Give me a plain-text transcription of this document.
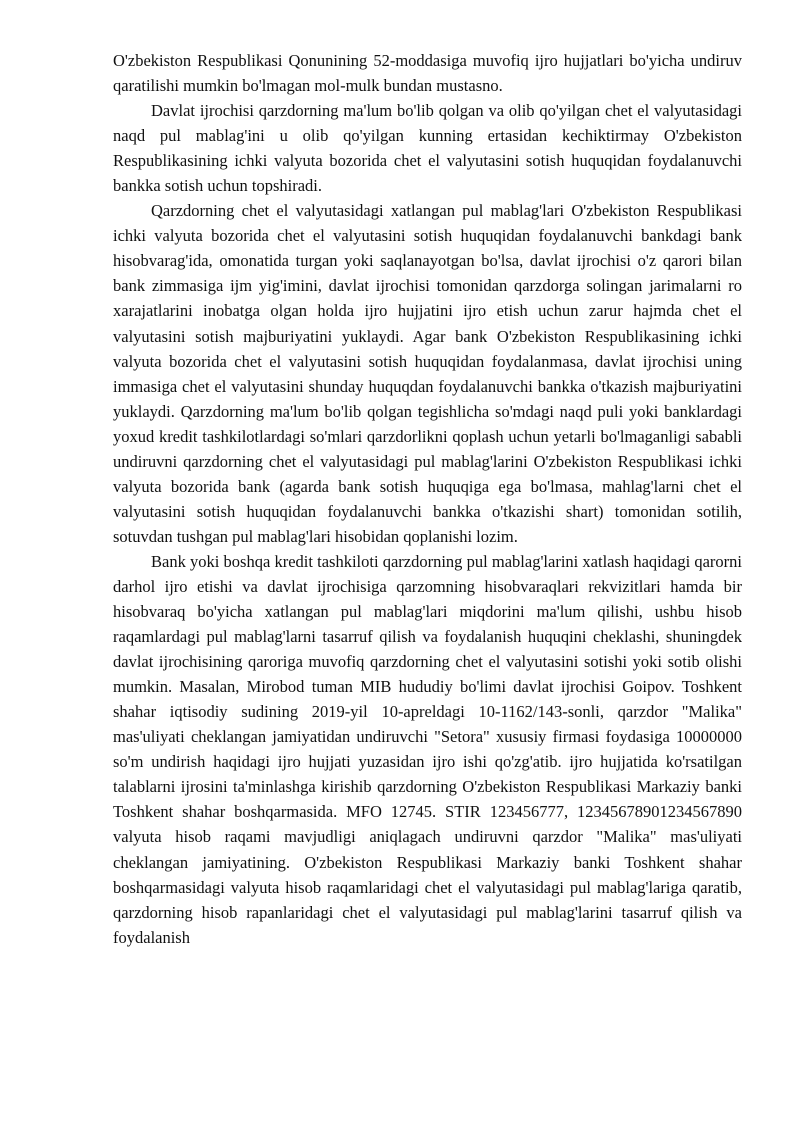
O'zbekiston Respublikasi Qonunining 52-moddasiga muvofiq ijro hujjatlari bo'yicha undiruv qaratilishi mumkin bo'lmagan mol-mulk bundan mustasno.

Davlat ijrochisi qarzdorning ma'lum bo'lib qolgan va olib qo'yilgan chet el valyutasidagi naqd pul mablag'ini u olib qo'yilgan kunning ertasidan kechiktirmay O'zbekiston Respublikasining ichki valyuta bozorida chet el valyutasini sotish huquqidan foydalanuvchi bankka sotish uchun topshiradi.

Qarzdorning chet el valyutasidagi xatlangan pul mablag'lari O'zbekiston Respublikasi ichki valyuta bozorida chet el valyutasini sotish huquqidan foydalanuvchi bankdagi bank hisobvarag'ida, omonatida turgan yoki saqlanayotgan bo'lsa, davlat ijrochisi o'z qarori bilan bank zimmasiga ijm yig'imini, davlat ijrochisi tomonidan qarzdorga solingan jarimalarni ro xarajatlarini inobatga olgan holda ijro hujjatini ijro etish uchun zarur hajmda chet el valyutasini sotish majburiyatini yuklaydi. Agar bank O'zbekiston Respublikasining ichki valyuta bozorida chet el valyutasini sotish huquqidan foydalanmasa, davlat ijrochisi uning immasiga chet el valyutasini shunday huquqdan foydalanuvchi bankka o'tkazish majburiyatini yuklaydi. Qarzdorning ma'lum bo'lib qolgan tegishlicha so'mdagi naqd puli yoki banklardagi yoxud kredit tashkilotlardagi so'mlari qarzdorlikni qoplash uchun yetarli bo'lmaganligi sababli undiruvni qarzdorning chet el valyutasidagi pul mablag'larini O'zbekiston Respublikasi ichki valyuta bozorida bank (agarda bank sotish huquqiga ega bo'lmasa, mahlag'larni chet el valyutasini sotish huquqidan foydalanuvchi bankka o'tkazishi shart) tomonidan sotilih, sotuvdan tushgan pul mablag'lari hisobidan qoplanishi lozim.

Bank yoki boshqa kredit tashkiloti qarzdorning pul mablag'larini xatlash haqidagi qarorni darhol ijro etishi va davlat ijrochisiga qarzomning hisobvaraqlari rekvizitlari hamda bir hisobvaraq bo'yicha xatlangan pul mablag'lari miqdorini ma'lum qilishi, ushbu hisob raqamlardagi pul mablag'larni tasarruf qilish va foydalanish huquqini cheklashi, shuningdek davlat ijrochisining qaroriga muvofiq qarzdorning chet el valyutasini sotishi yoki sotib olishi mumkin. Masalan, Mirobod tuman MIB hududiy bo'limi davlat ijrochisi Goipov. Toshkent shahar iqtisodiy sudining 2019-yil 10-apreldagi 10-1162/143-sonli, qarzdor "Malika" mas'uliyati cheklangan jamiyatidan undiruvchi "Setora" xususiy firmasi foydasiga 10000000 so'm undirish haqidagi ijro hujjati yuzasidan ijro ishi qo'zg'atib. ijro hujjatida ko'rsatilgan talablarni ijrosini ta'minlashga kirishib qarzdorning O'zbekiston Respublikasi Markaziy banki Toshkent shahar boshqarmasida. MFO 12745. STIR 123456777, 12345678901234567890 valyuta hisob raqami mavjudligi aniqlagach undiruvni qarzdor "Malika" mas'uliyati cheklangan jamiyatining. O'zbekiston Respublikasi Markaziy banki Toshkent shahar boshqarmasidagi valyuta hisob raqamlaridagi chet el valyutasidagi pul mablag'lariga qaratib, qarzdorning hisob rapanlaridagi chet el valyutasidagi pul mablag'larini tasarruf qilish va foydalanish
